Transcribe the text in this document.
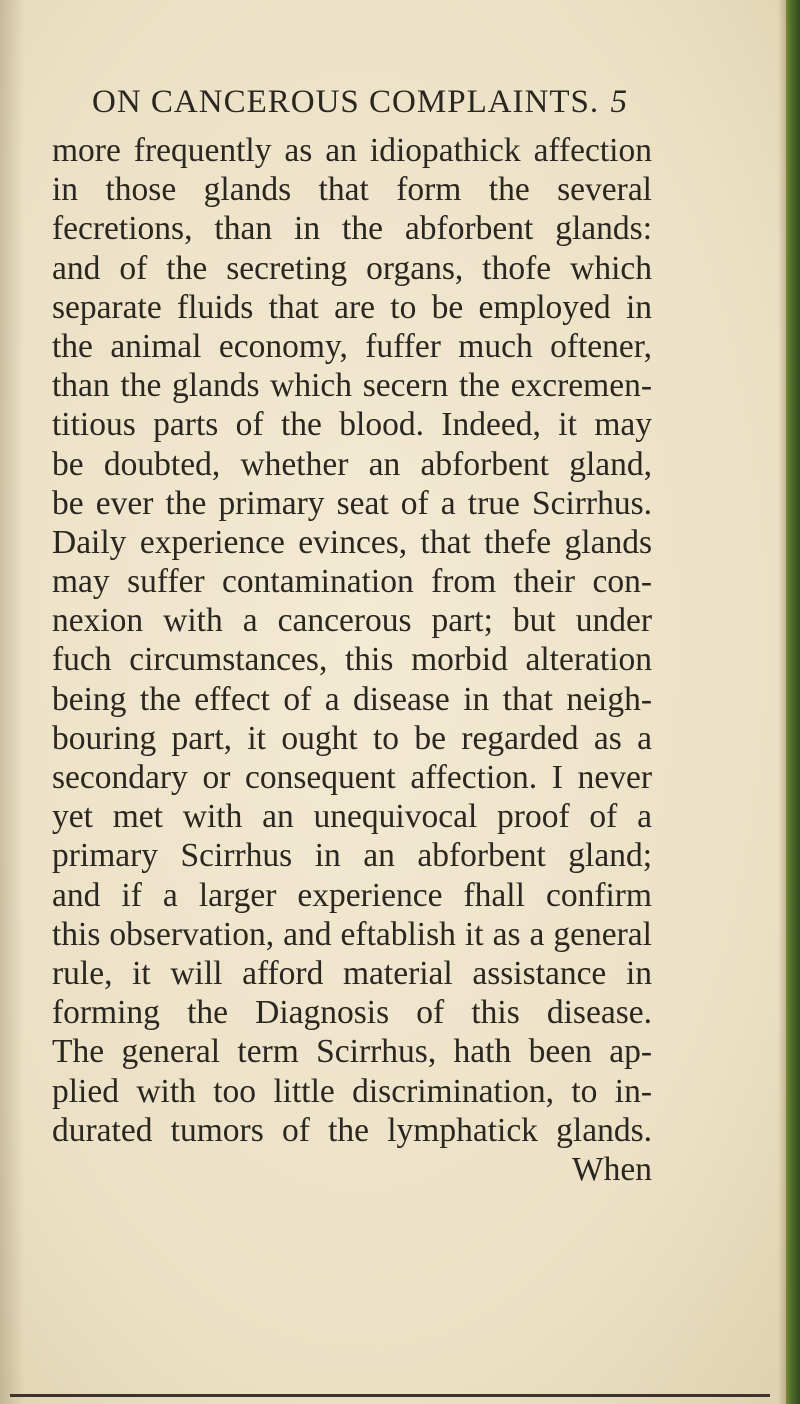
ON CANCEROUS COMPLAINTS. 5
more frequently as an idiopathick affection
in those glands that form the several
fecretions, than in the abforbent glands:
and of the secreting organs, thofe which
separate fluids that are to be employed in
the animal economy, fuffer much oftener,
than the glands which secern the excremen-
titious parts of the blood. Indeed, it may
be doubted, whether an abforbent gland,
be ever the primary seat of a true Scirrhus.
Daily experience evinces, that thefe glands
may suffer contamination from their con-
nexion with a cancerous part; but under
fuch circumstances, this morbid alteration
being the effect of a disease in that neigh-
bouring part, it ought to be regarded as a
secondary or consequent affection. I never
yet met with an unequivocal proof of a
primary Scirrhus in an abforbent gland;
and if a larger experience fhall confirm
this observation, and eftablish it as a general
rule, it will afford material assistance in
forming the Diagnosis of this disease.
The general term Scirrhus, hath been ap-
plied with too little discrimination, to in-
durated tumors of the lymphatick glands.
When
